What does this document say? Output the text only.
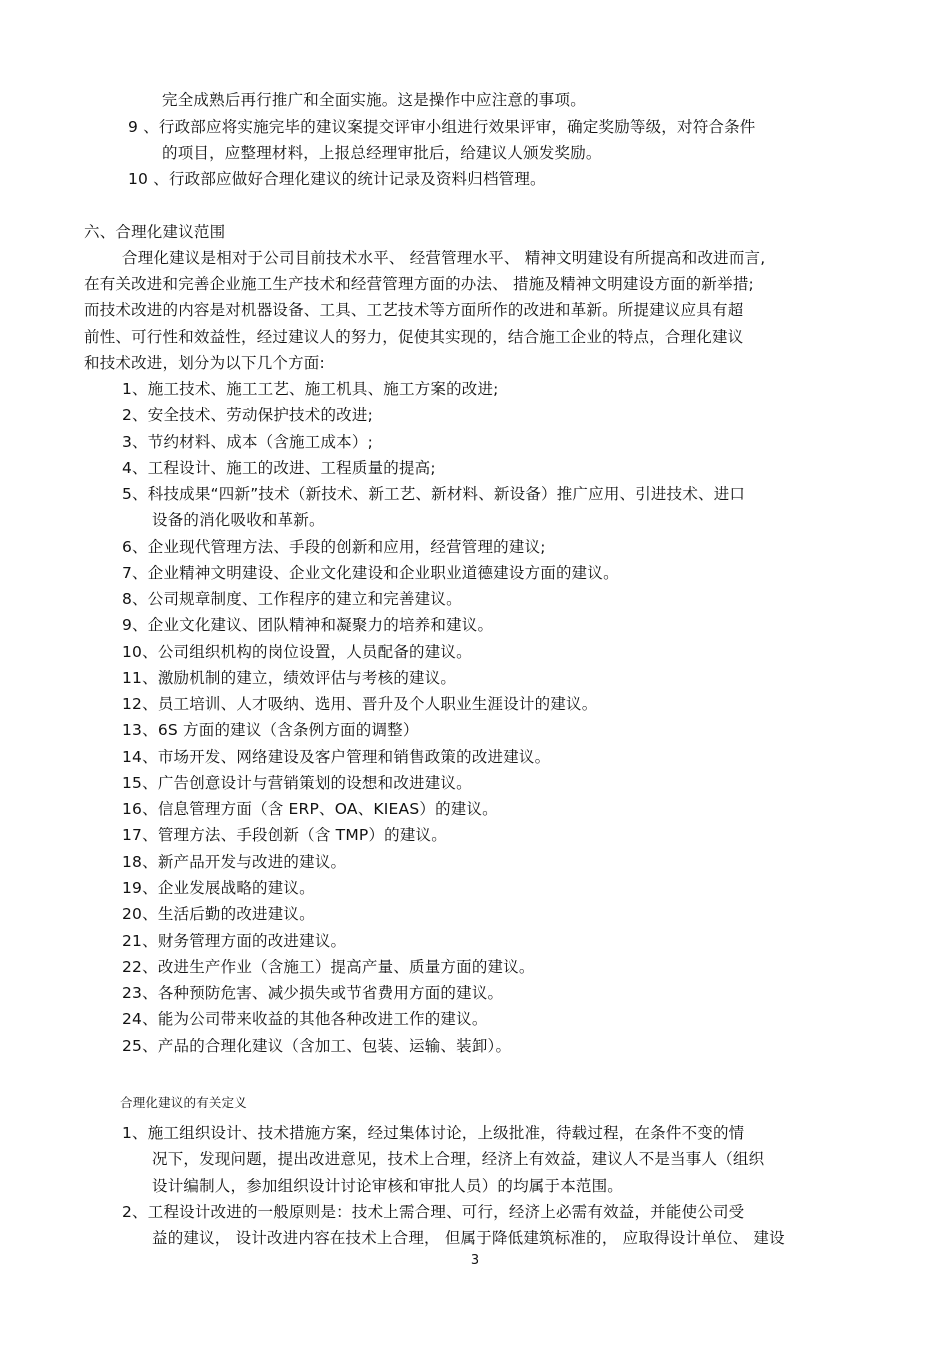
完全成熟后再行推广和全面实施。这是操作中应注意的事项。
9 、行政部应将实施完毕的建议案提交评审小组进行效果评审，确定奖励等级，对符合条件
的项目，应整理材料，上报总经理审批后，给建议人颁发奖励。
10 、行政部应做好合理化建议的统计记录及资料归档管理。
六、合理化建议范围
合理化建议是相对于公司目前技术水平、 经营管理水平、 精神文明建设有所提高和改进而言,
在有关改进和完善企业施工生产技术和经营管理方面的办法、 措施及精神文明建设方面的新举措;
而技术改进的内容是对机器设备、工具、工艺技术等方面所作的改进和革新。所提建议应具有超
前性、可行性和效益性，经过建议人的努力，促使其实现的，结合施工企业的特点，合理化建议
和技术改进，划分为以下几个方面:
1、施工技术、施工工艺、施工机具、施工方案的改进;
2、安全技术、劳动保护技术的改进;
3、节约材料、成本（含施工成本）;
4、工程设计、施工的改进、工程质量的提高;
5、科技成果“四新”技术（新技术、新工艺、新材料、新设备）推广应用、引进技术、进口
设备的消化吸收和革新。
6、企业现代管理方法、手段的创新和应用，经营管理的建议;
7、企业精神文明建设、企业文化建设和企业职业道德建设方面的建议。
8、公司规章制度、工作程序的建立和完善建议。
9、企业文化建议、团队精神和凝聚力的培养和建议。
10、公司组织机构的岗位设置，人员配备的建议。
11、激励机制的建立，绩效评估与考核的建议。
12、员工培训、人才吸纳、选用、晋升及个人职业生涯设计的建议。
13、6S 方面的建议（含条例方面的调整）
14、市场开发、网络建设及客户管理和销售政策的改进建议。
15、广告创意设计与营销策划的设想和改进建议。
16、信息管理方面（含 ERP、OA、KIEAS）的建议。
17、管理方法、手段创新（含 TMP）的建议。
18、新产品开发与改进的建议。
19、企业发展战略的建议。
20、生活后勤的改进建议。
21、财务管理方面的改进建议。
22、改进生产作业（含施工）提高产量、质量方面的建议。
23、各种预防危害、减少损失或节省费用方面的建议。
24、能为公司带来收益的其他各种改进工作的建议。
25、产品的合理化建议（含加工、包装、运输、装卸）。
合理化建议的有关定义
1、施工组织设计、技术措施方案，经过集体讨论，上级批准，待载过程，在条件不变的情
况下，发现问题，提出改进意见，技术上合理，经济上有效益，建议人不是当事人（组织
设计编制人，参加组织设计讨论审核和审批人员）的均属于本范围。
2、工程设计改进的一般原则是：技术上需合理、可行，经济上必需有效益，并能使公司受
益的建议， 设计改进内容在技术上合理， 但属于降低建筑标准的， 应取得设计单位、 建设
3
